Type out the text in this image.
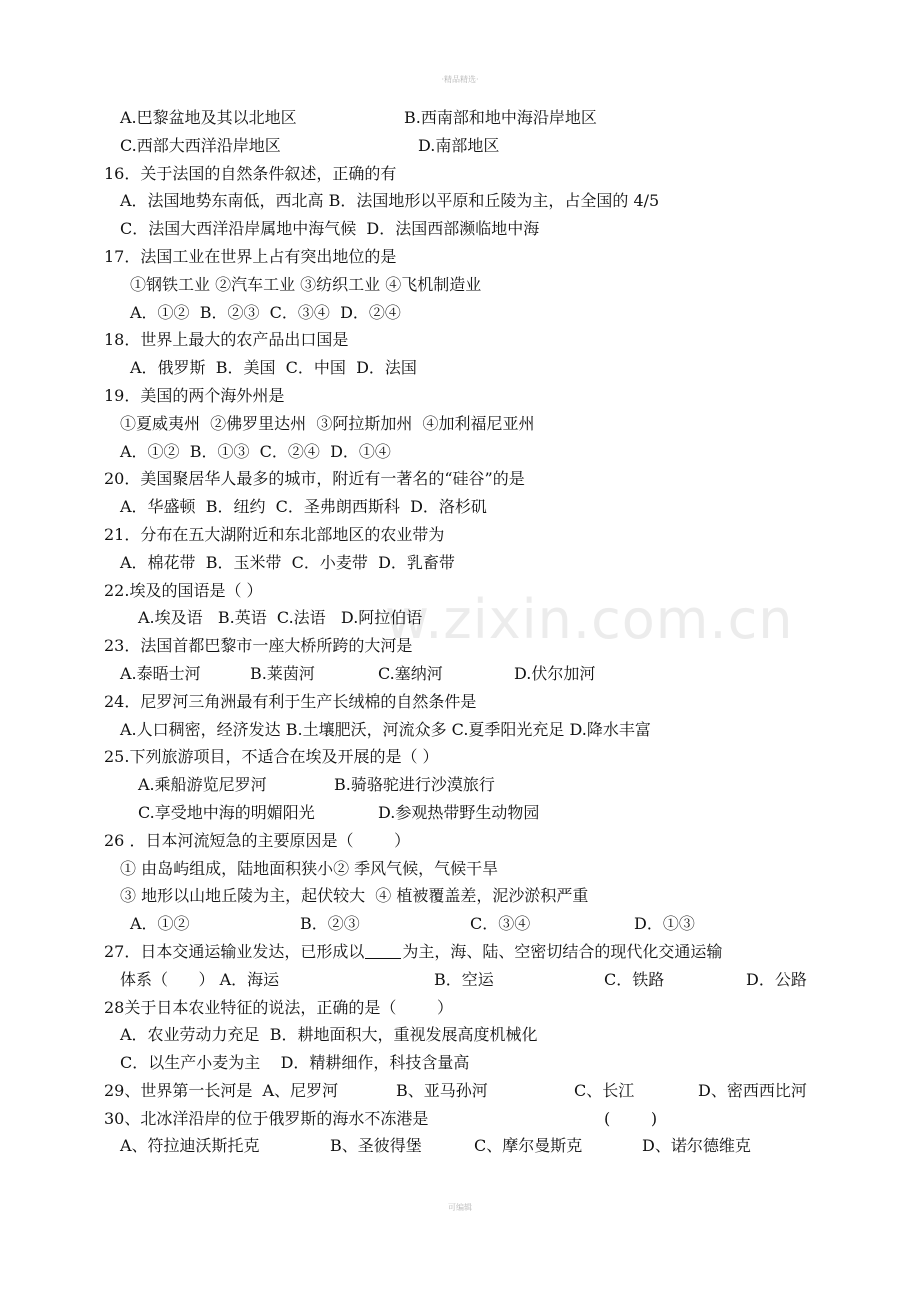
·精品精选·
w.zixin.com.cn
A.巴黎盆地及其以北地区	B.西南部和地中海沿岸地区
C.西部大西洋沿岸地区	D.南部地区
16．关于法国的自然条件叙述，正确的有
A．法国地势东南低，西北高 B．法国地形以平原和丘陵为主，占全国的 4/5
C．法国大西洋沿岸属地中海气候  D．法国西部濒临地中海
17．法国工业在世界上占有突出地位的是
①钢铁工业 ②汽车工业 ③纺织工业 ④飞机制造业
A．①②  B．②③  C．③④  D．②④
18．世界上最大的农产品出口国是
A．俄罗斯  B．美国  C．中国  D．法国
19．美国的两个海外州是
①夏威夷州  ②佛罗里达州  ③阿拉斯加州  ④加利福尼亚州
A．①②  B．①③  C．②④  D．①④
20．美国聚居华人最多的城市，附近有一著名的“硅谷”的是
A．华盛顿  B．纽约  C．圣弗朗西斯科  D．洛杉矶
21．分布在五大湖附近和东北部地区的农业带为
A．棉花带  B．玉米带  C．小麦带  D．乳畜带
22.埃及的国语是（ ）
A.埃及语   B.英语  C.法语   D.阿拉伯语
23．法国首都巴黎市一座大桥所跨的大河是
A.泰晤士河	B.莱茵河	C.塞纳河	D.伏尔加河
24．尼罗河三角洲最有利于生产长绒棉的自然条件是
A.人口稠密，经济发达 B.土壤肥沃，河流众多 C.夏季阳光充足 D.降水丰富
25.下列旅游项目，不适合在埃及开展的是（ ）
A.乘船游览尼罗河	B.骑骆驼进行沙漠旅行
C.享受地中海的明媚阳光	D.参观热带野生动物园
26 ．日本河流短急的主要原因是（        ）
① 由岛屿组成，陆地面积狭小② 季风气候，气候干旱
③ 地形以山地丘陵为主，起伏较大  ④ 植被覆盖差，泥沙淤积严重
A．①②	B．②③	C．③④	D．①③
27．日本交通运输业发达，已形成以 为主，海、陆、空密切结合的现代化交通运输
体系（      ） A．海运	B．空运	C．铁路	D．公路
28关于日本农业特征的说法，正确的是（        ）
A．农业劳动力充足  B．耕地面积大，重视发展高度机械化
C．以生产小麦为主    D．精耕细作，科技含量高
29、世界第一长河是  A、尼罗河	B、亚马孙河	C、长江	D、密西西比河
30、北冰洋沿岸的位于俄罗斯的海水不冻港是	(        )
A、符拉迪沃斯托克	B、圣彼得堡	C、摩尔曼斯克	D、诺尔德维克
可编辑
